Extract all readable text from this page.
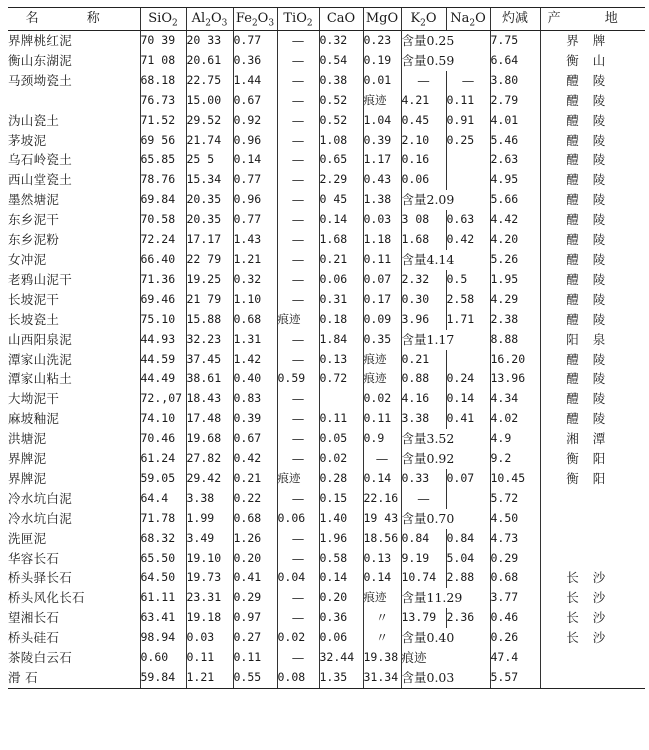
名 称	SiO$_2$	$Al_2O_3$	$Fe_2O_3$	TiO$_2$	CaO	MgO	$K_2O$	$Na_2O$	灼减	产 地
界牌桃红泥	70 39	20 33	0.77	—	0.32	0.23	含量0.25		7.75	界牌
衡山东湖泥	71 08	20.61	0.36	—	0.54	0.19	含量0.59		6.64	衡山
马颈坳瓷土	68.18	22.75	1.44	—	0.38	0.01	—	—	3.80	醴陵
	76.73	15.00	0.67	—	0.52	痕迹	4.21	0.11	2.79	醴陵
沩山瓷土	71.52	29.52	0.92	—	0.52	1.04	0.45	0.91	4.01	醴陵
茅坡泥	69 56	21.74	0.96	—	1.08	0.39	2.10	0.25	5.46	醴陵
乌石岭瓷土	65.85	25 5	0.14	—	0.65	1.17	0.16		2.63	醴陵
西山堂瓷土	78.76	15.34	0.77	—	2.29	0.43	0.06		4.95	醴陵
墨然塘泥	69.84	20.35	0.96	—	0 45	1.38	含量2.09		5.66	醴陵
东乡泥干	70.58	20.35	0.77	—	0.14	0.03	3 08	0.63	4.42	醴陵
东乡泥粉	72.24	17.17	1.43	—	1.68	1.18	1.68	0.42	4.20	醴陵
女冲泥	66.40	22 79	1.21	—	0.21	0.11	含量4.14		5.26	醴陵
老鸦山泥干	71.36	19.25	0.32	—	0.06	0.07	2.32	0.5	1.95	醴陵
长坡泥干	69.46	21 79	1.10	—	0.31	0.17	0.30	2.58	4.29	醴陵
长坡瓷土	75.10	15.88	0.68	痕迹	0.18	0.09	3.96	1.71	2.38	醴陵
山西阳泉泥	44.93	32.23	1.31	—	1.84	0.35	含量1.17		8.88	阳泉
潭家山洗泥	44.59	37.45	1.42	—	0.13	痕迹	0.21		16.20	醴陵
潭家山粘土	44.49	38.61	0.40	0.59	0.72	痕迹	0.88	0.24	13.96	醴陵
大坳泥干	72.,07	18.43	0.83	—		0.02	4.16	0.14	4.34	醴陵
麻坡釉泥	74.10	17.48	0.39	—	0.11	0.11	3.38	0.41	4.02	醴陵
洪塘泥	70.46	19.68	0.67	—	0.05	0.9	含量3.52		4.9	湘潭
界牌泥	61.24	27.82	0.42	—	0.02	—	含量0.92		9.2	衡阳
界牌泥	59.05	29.42	0.21	痕迹	0.28	0.14	0.33	0.07	10.45	衡阳
冷水坑白泥	64.4	3.38	0.22	—	0.15	22.16	—		5.72	
冷水坑白泥	71.78	1.99	0.68	0.06	1.40	19 43	含量0.70		4.50	
洗匣泥	68.32	3.49	1.26	—	1.96	18.56	0.84	0.84	4.73	
华容长石	65.50	19.10	0.20	—	0.58	0.13	9.19	5.04	0.29	
桥头驿长石	64.50	19.73	0.41	0.04	0.14	0.14	10.74	2.88	0.68	长沙
桥头风化长石	61.11	23.31	0.29	—	0.20	痕迹	含量11.29		3.77	长沙
望湘长石	63.41	19.18	0.97	—	0.36	〃	13.79	2.36	0.46	长沙
桥头硅石	98.94	0.03	0.27	0.02	0.06	〃	含量0.40		0.26	长沙
茶陵白云石	0.60	0.11	0.11	—	32.44	19.38	痕迹		47.4	
滑 石	59.84	1.21	0.55	0.08	1.35	31.34	含量0.03		5.57	
